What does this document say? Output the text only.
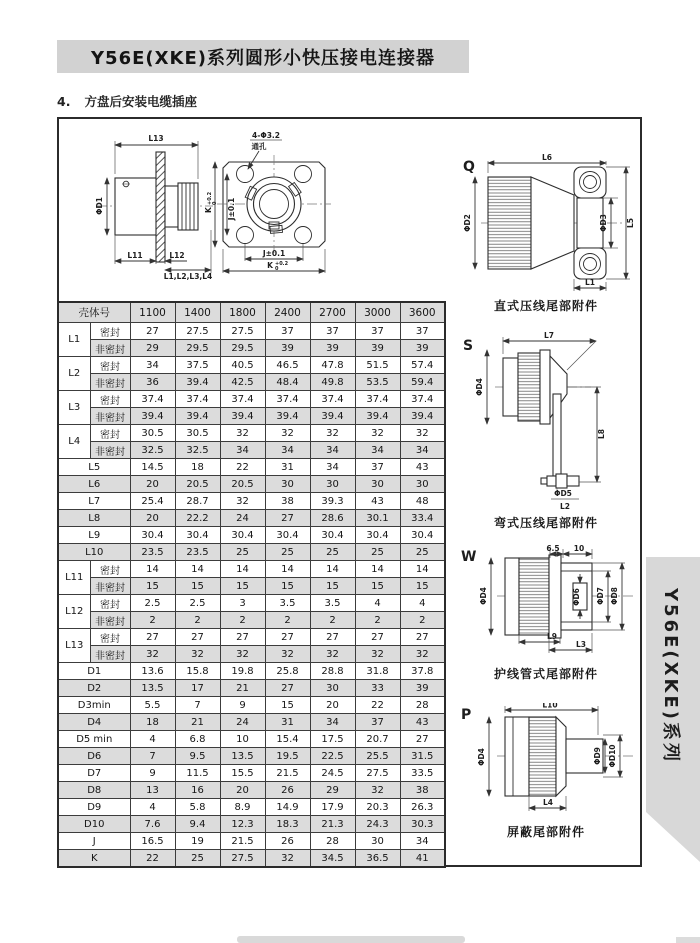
Y56E(XKE)系列圆形小快压接电连接器
4. 方盘后安装电缆插座
L13
ΦD1
L11	L12
L1,L2,L3,L4
4-Φ3.2
通孔
K
+0.2 0 J±0.1
J±0.1
K +0.2
0
壳体号		1100	1400	1800	2400	2700	3000	3600
L1	密封	27	27.5	27.5	37	37	37	37
	非密封	29	29.5	29.5	39	39	39	39
L2	密封	34	37.5	40.5	46.5	47.8	51.5	57.4
	非密封	36	39.4	42.5	48.4	49.8	53.5	59.4
L3	密封	37.4	37.4	37.4	37.4	37.4	37.4	37.4
	非密封	39.4	39.4	39.4	39.4	39.4	39.4	39.4
L4	密封	30.5	30.5	32	32	32	32	32
	非密封	32.5	32.5	34	34	34	34	34
L5		14.5	18	22	31	34	37	43
L6		20	20.5	20.5	30	30	30	30
L7		25.4	28.7	32	38	39.3	43	48
L8		20	22.2	24	27	28.6	30.1	33.4
L9		30.4	30.4	30.4	30.4	30.4	30.4	30.4
L10		23.5	23.5	25	25	25	25	25
L11	密封	14	14	14	14	14	14	14
	非密封	15	15	15	15	15	15	15
L12	密封	2.5	2.5	3	3.5	3.5	4	4
	非密封	2	2	2	2	2	2	2
L13	密封	27	27	27	27	27	27	27
	非密封	32	32	32	32	32	32	32
D1		13.6	15.8	19.8	25.8	28.8	31.8	37.8
D2		13.5	17	21	27	30	33	39
D3min		5.5	7	9	15	20	22	28
D4		18	21	24	31	34	37	43
D5 min		4	6.8	10	15.4	17.5	20.7	27
D6		7	9.5	13.5	19.5	22.5	25.5	31.5
D7		9	11.5	15.5	21.5	24.5	27.5	33.5
D8		13	16	20	26	29	32	38
D9		4	5.8	8.9	14.9	17.9	20.3	26.3
D10		7.6	9.4	12.3	18.3	21.3	24.3	30.3
J		16.5	19	21.5	26	28	30	34
K		22	25	27.5	32	34.5	36.5	41
Q
L6
ΦD2	ΦD3 L5
L1
直式压线尾部附件
S
L7
ΦD4
L8
ΦD5
L2
弯式压线尾部附件
W
6.5 10
ΦD4	ΦD6 ΦD7 ΦD8
L9
L3
护线管式尾部附件
P
L10
ΦD4	ΦD9 ΦD10
L4
屏蔽尾部附件
Y56E(XKE)系列
